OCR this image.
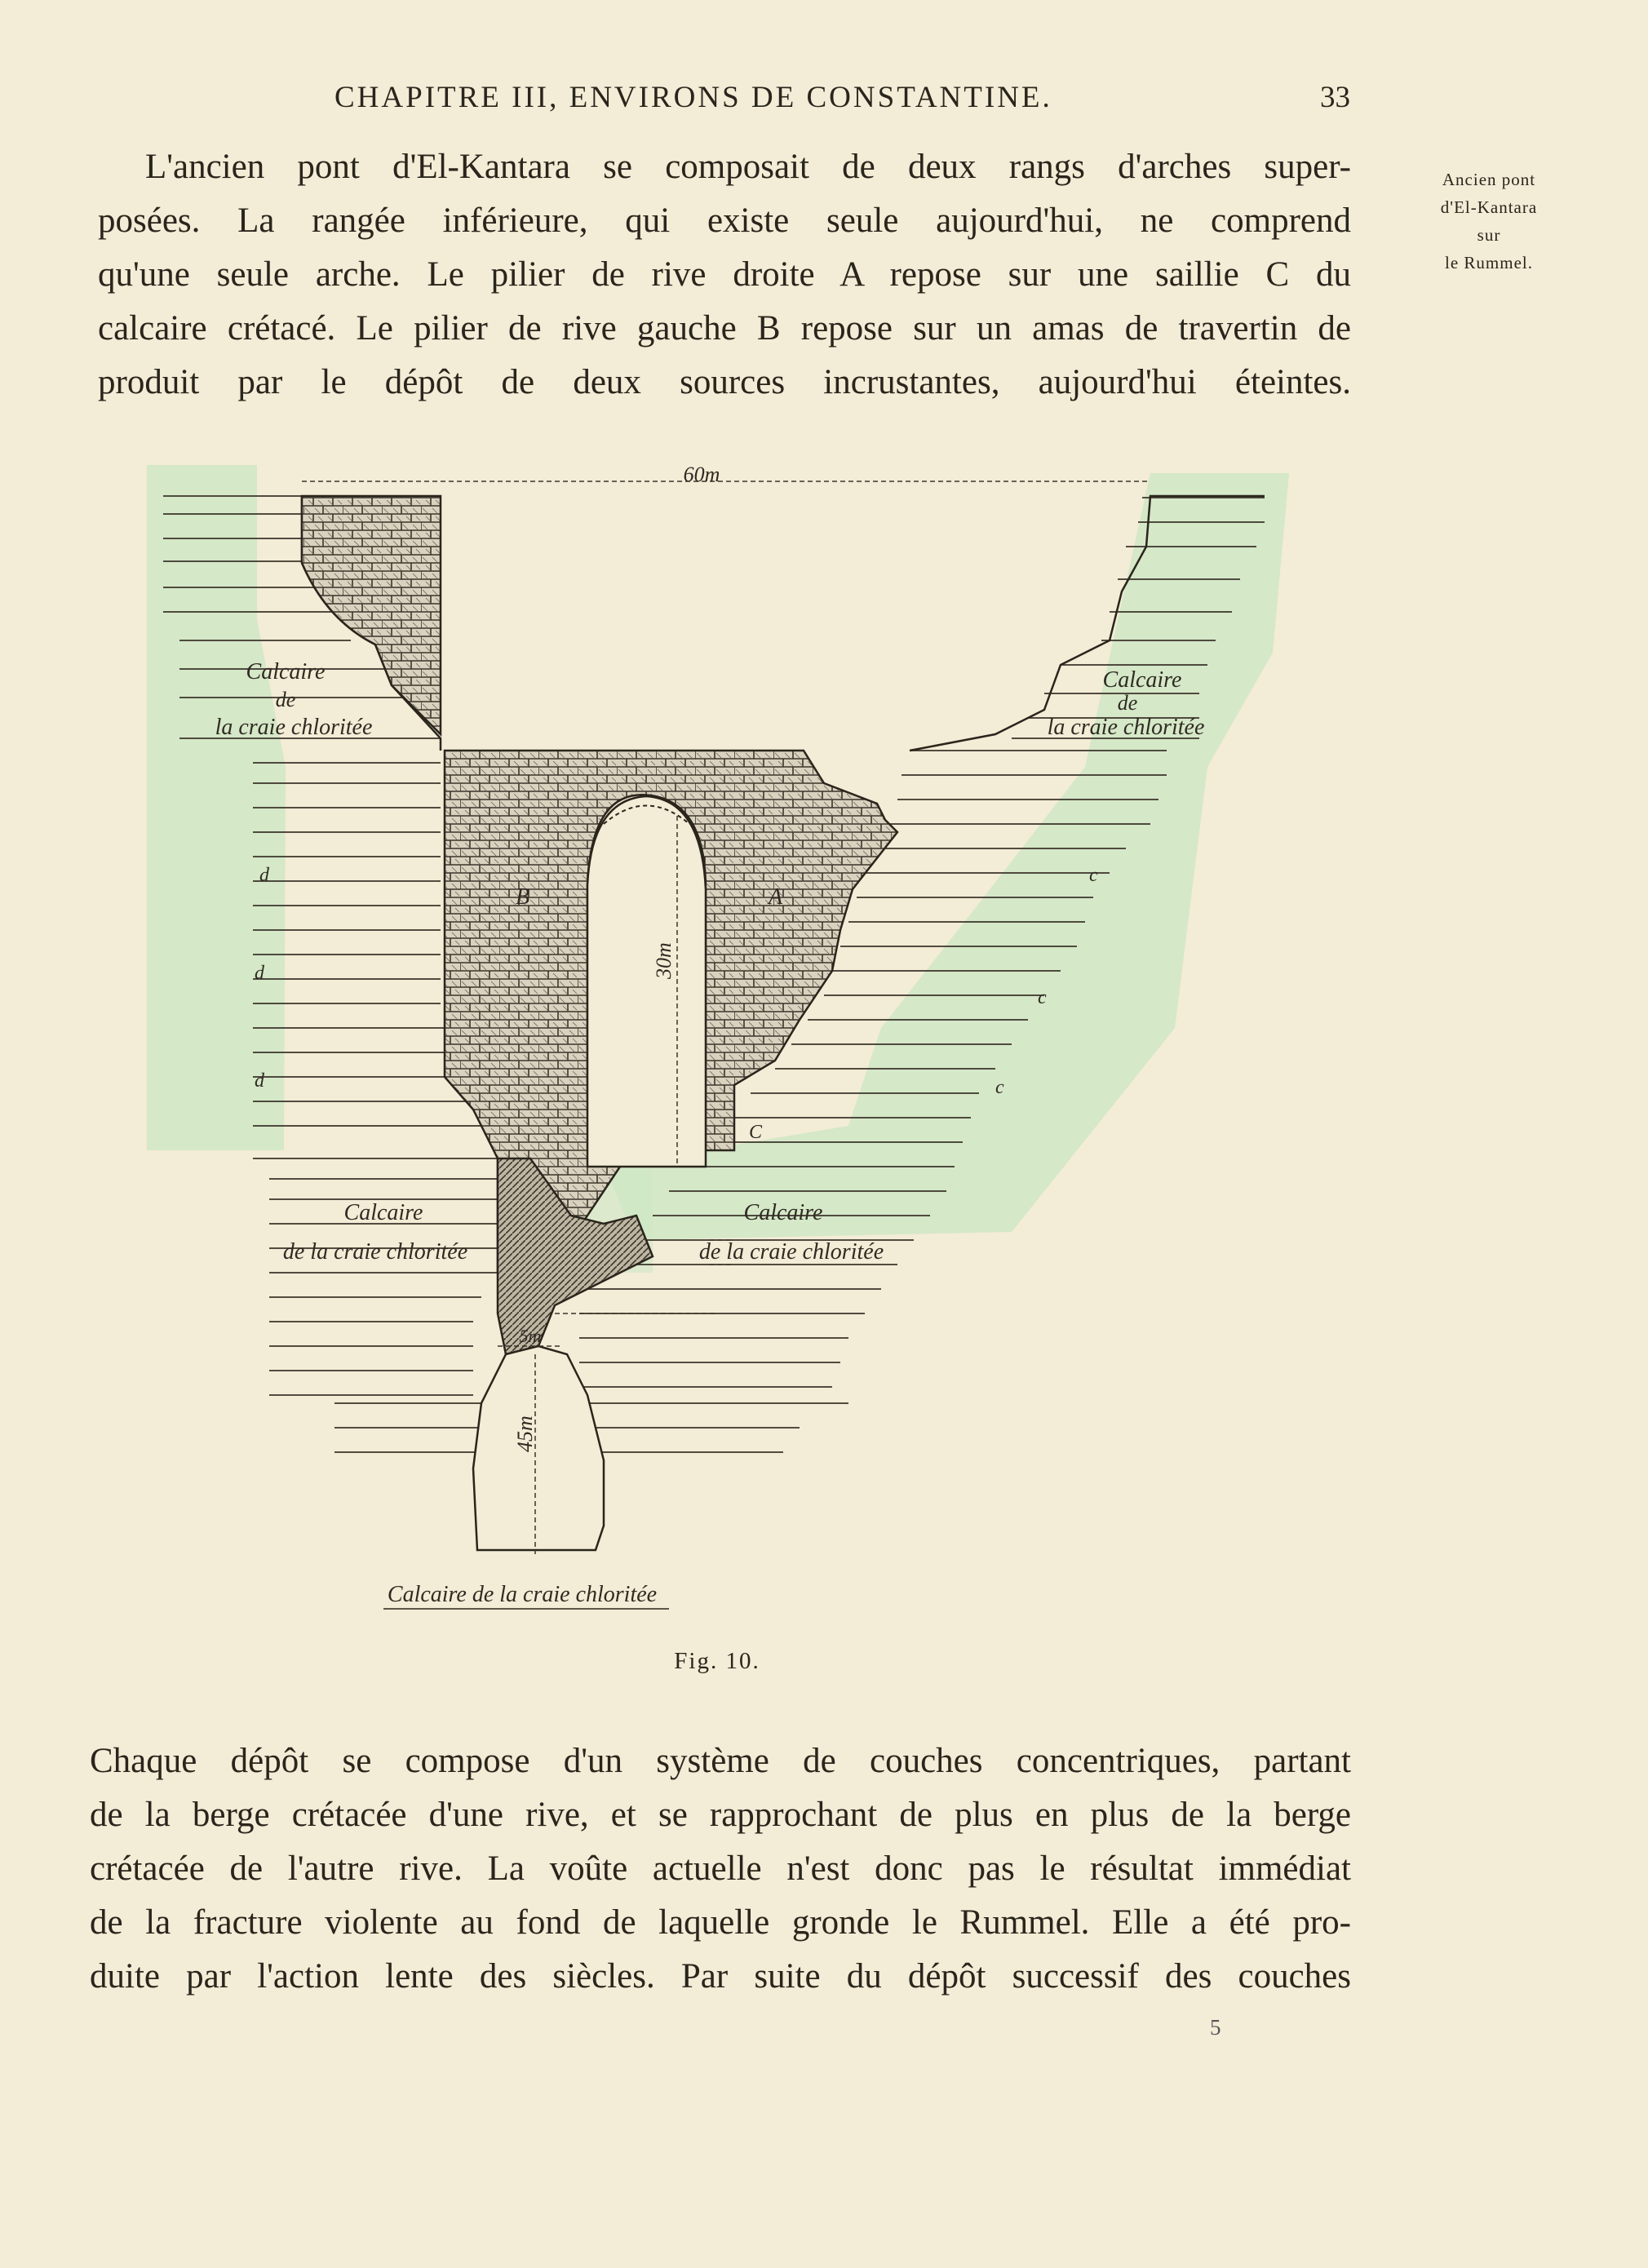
CHAPITRE III, ENVIRONS DE CONSTANTINE.	33
Ancien pont
d'El-Kantara
sur
le Rummel.
L'ancien pont d'El-Kantara se composait de deux rangs d'arches super-
posées. La rangée inférieure, qui existe seule aujourd'hui, ne comprend
qu'une seule arche. Le pilier de rive droite A repose sur une saillie C du
calcaire crétacé. Le pilier de rive gauche B repose sur un amas de travertin de
produit par le dépôt de deux sources incrustantes, aujourd'hui éteintes.
60m
30m
45m
5m
Calcaire
de
la craie chloritée
Calcaire
de
la craie chloritée
Calcaire
de la craie chloritée
Calcaire
de la craie chloritée
Calcaire de la craie chloritée
B	A
C
d
d
d
c
c
c
Fig. 10.
Chaque dépôt se compose d'un système de couches concentriques, partant
de la berge crétacée d'une rive, et se rapprochant de plus en plus de la berge
crétacée de l'autre rive. La voûte actuelle n'est donc pas le résultat immédiat
de la fracture violente au fond de laquelle gronde le Rummel. Elle a été pro-
duite par l'action lente des siècles. Par suite du dépôt successif des couches
5
